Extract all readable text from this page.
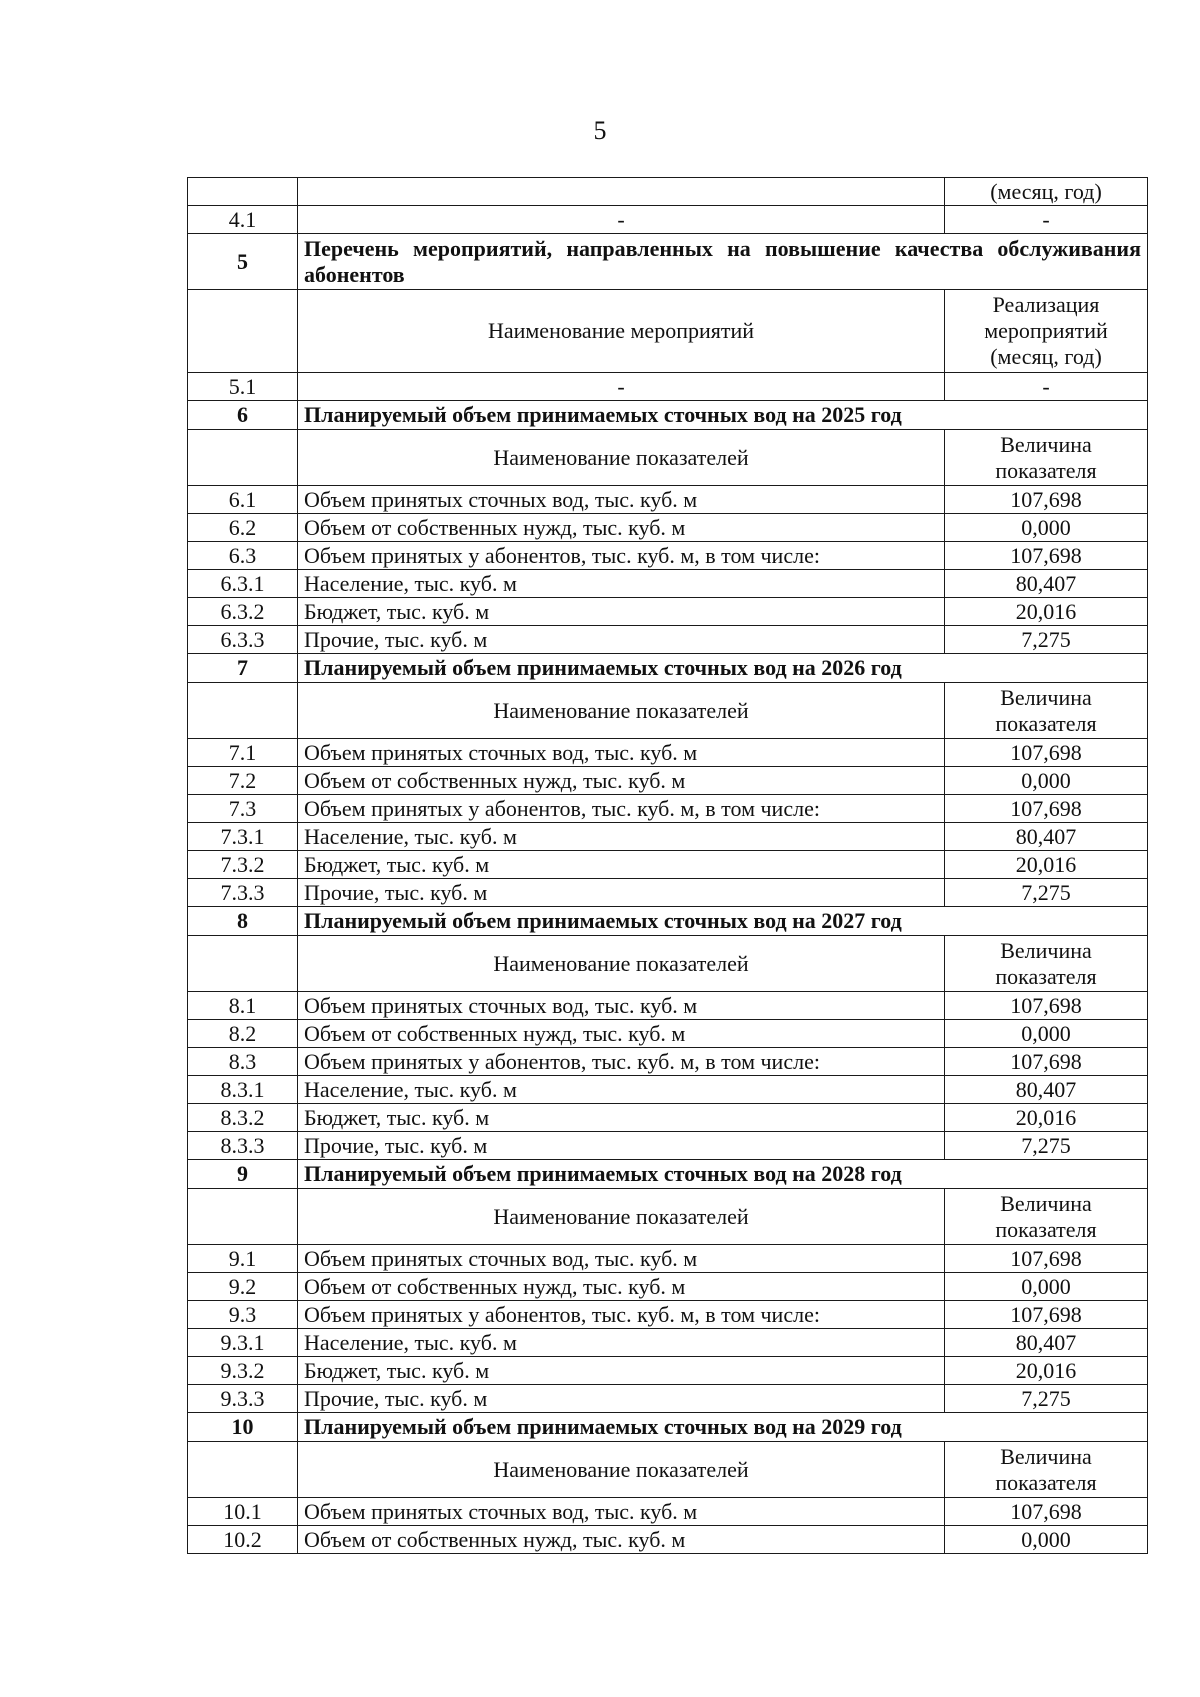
5
		(месяц, год)
4.1	-	-
5	Перечень мероприятий, направленных на повышение качества обслуживания абонентов	
	Наименование мероприятий	Реализация мероприятий (месяц, год)
5.1	-	-
6	Планируемый объем принимаемых сточных вод на 2025 год	
	Наименование показателей	Величина показателя
6.1	Объем принятых сточных вод, тыс. куб. м	107,698
6.2	Объем от собственных нужд, тыс. куб. м	0,000
6.3	Объем принятых у абонентов, тыс. куб. м, в том числе:	107,698
6.3.1	Население, тыс. куб. м	80,407
6.3.2	Бюджет, тыс. куб. м	20,016
6.3.3	Прочие, тыс. куб. м	7,275
7	Планируемый объем принимаемых сточных вод на 2026 год	
	Наименование показателей	Величина показателя
7.1	Объем принятых сточных вод, тыс. куб. м	107,698
7.2	Объем от собственных нужд, тыс. куб. м	0,000
7.3	Объем принятых у абонентов, тыс. куб. м, в том числе:	107,698
7.3.1	Население, тыс. куб. м	80,407
7.3.2	Бюджет, тыс. куб. м	20,016
7.3.3	Прочие, тыс. куб. м	7,275
8	Планируемый объем принимаемых сточных вод на 2027 год	
	Наименование показателей	Величина показателя
8.1	Объем принятых сточных вод, тыс. куб. м	107,698
8.2	Объем от собственных нужд, тыс. куб. м	0,000
8.3	Объем принятых у абонентов, тыс. куб. м, в том числе:	107,698
8.3.1	Население, тыс. куб. м	80,407
8.3.2	Бюджет, тыс. куб. м	20,016
8.3.3	Прочие, тыс. куб. м	7,275
9	Планируемый объем принимаемых сточных вод на 2028 год	
	Наименование показателей	Величина показателя
9.1	Объем принятых сточных вод, тыс. куб. м	107,698
9.2	Объем от собственных нужд, тыс. куб. м	0,000
9.3	Объем принятых у абонентов, тыс. куб. м, в том числе:	107,698
9.3.1	Население, тыс. куб. м	80,407
9.3.2	Бюджет, тыс. куб. м	20,016
9.3.3	Прочие, тыс. куб. м	7,275
10	Планируемый объем принимаемых сточных вод на 2029 год	
	Наименование показателей	Величина показателя
10.1	Объем принятых сточных вод, тыс. куб. м	107,698
10.2	Объем от собственных нужд, тыс. куб. м	0,000
